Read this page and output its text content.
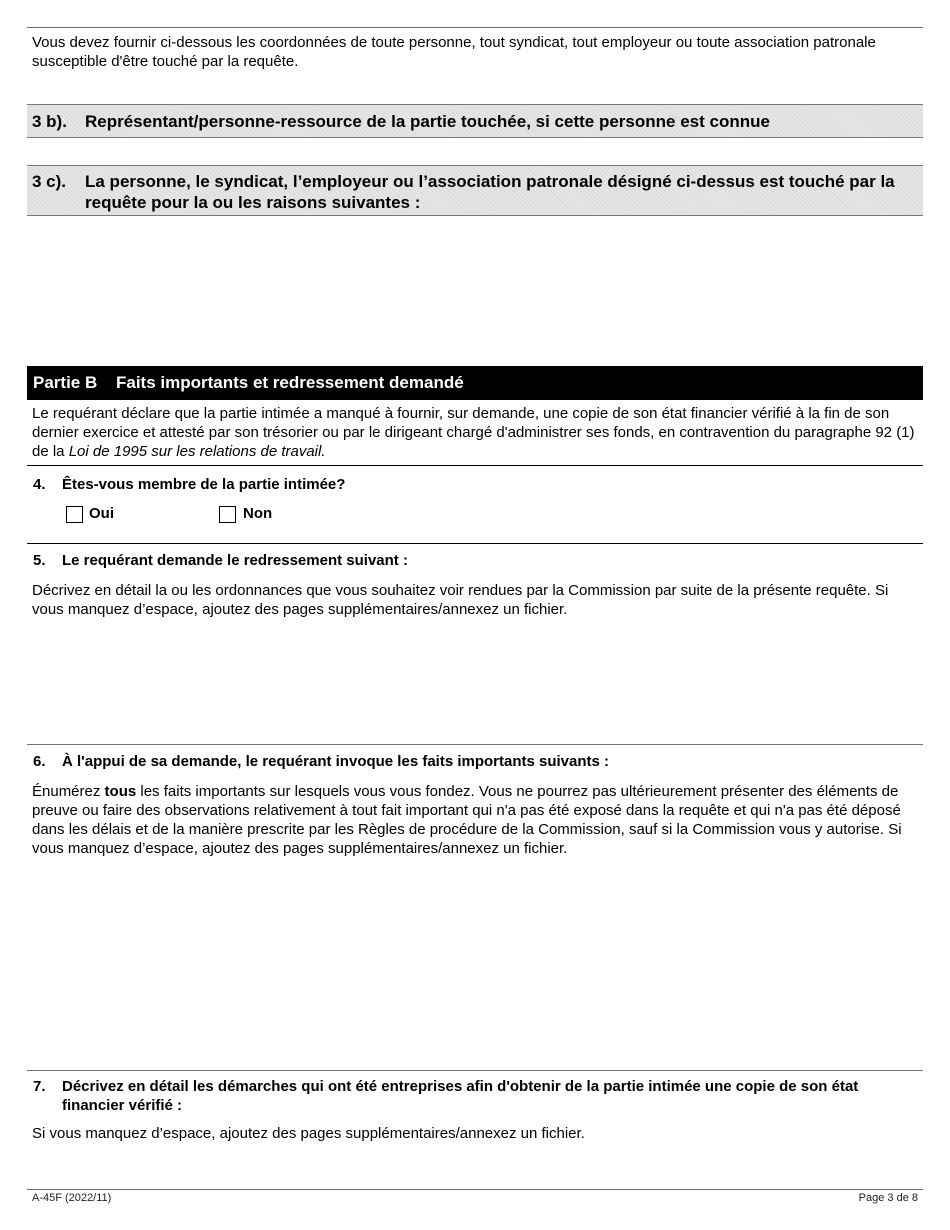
Vous devez fournir ci-dessous les coordonnées de toute personne, tout syndicat, tout employeur ou toute association patronale susceptible d'être touché par la requête.
3 b). Représentant/personne-ressource de la partie touchée, si cette personne est connue
3 c). La personne, le syndicat, l’employeur ou l’association patronale désigné ci-dessus est touché par la requête pour la ou les raisons suivantes :
Partie B Faits importants et redressement demandé
Le requérant déclare que la partie intimée a manqué à fournir, sur demande, une copie de son état financier vérifié à la fin de son dernier exercice et attesté par son trésorier ou par le dirigeant chargé d'administrer ses fonds, en contravention du paragraphe 92 (1) de la Loi de 1995 sur les relations de travail.
4. Êtes-vous membre de la partie intimée?
Oui	Non
5. Le requérant demande le redressement suivant :
Décrivez en détail la ou les ordonnances que vous souhaitez voir rendues par la Commission par suite de la présente requête. Si vous manquez d’espace, ajoutez des pages supplémentaires/annexez un fichier.
6. À l'appui de sa demande, le requérant invoque les faits importants suivants :
Énumérez tous les faits importants sur lesquels vous vous fondez. Vous ne pourrez pas ultérieurement présenter des éléments de preuve ou faire des observations relativement à tout fait important qui n'a pas été exposé dans la requête et qui n'a pas été déposé dans les délais et de la manière prescrite par les Règles de procédure de la Commission, sauf si la Commission vous y autorise. Si vous manquez d’espace, ajoutez des pages supplémentaires/annexez un fichier.
7. Décrivez en détail les démarches qui ont été entreprises afin d'obtenir de la partie intimée une copie de son état financier vérifié :
Si vous manquez d’espace, ajoutez des pages supplémentaires/annexez un fichier.
A-45F (2022/11)	Page 3 de 8
